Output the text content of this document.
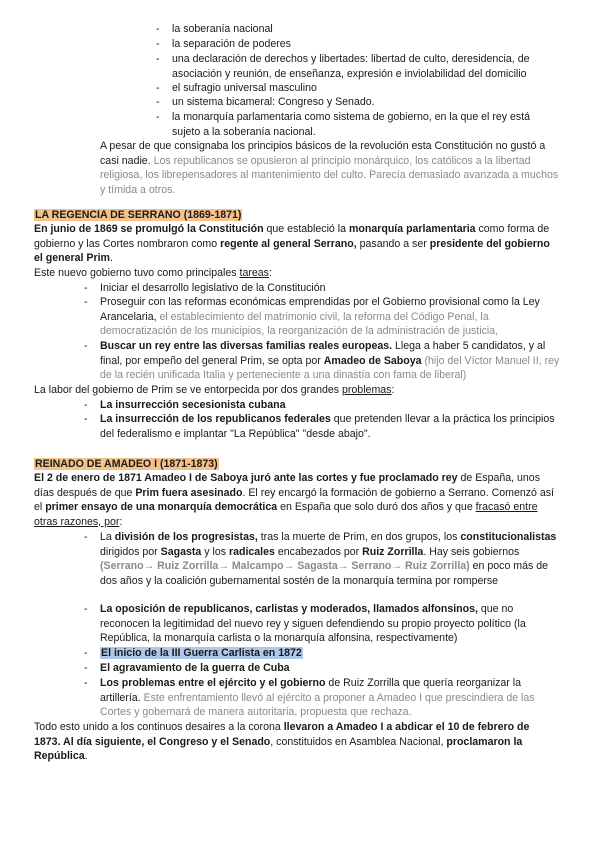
-	la soberanía nacional
-	la separación de poderes
-	una declaración de derechos y libertades: libertad de culto, deresidencia, de asociación y reunión, de enseñanza, expresión e inviolabilidad del domicilio
-	el sufragio universal masculino
-	un sistema bicameral: Congreso y Senado.
-	la monarquía parlamentaria como sistema de gobierno, en la que el rey está sujeto a la soberanía nacional.
A pesar de que consignaba los principios básicos de la revolución esta Constitución no gustó a casi nadie. Los republicanos se opusieron al principio monárquico, los católicos a la libertad religiosa, los librepensadores al mantenimiento del culto. Parecía demasiado avanzada a muchos y tímida a otros.
LA REGENCIA DE SERRANO (1869-1871)
En junio de 1869 se promulgó la Constitución que estableció la monarquía parlamentaria como forma de gobierno y las Cortes nombraron como regente al general Serrano, pasando a ser presidente del gobierno el general Prim.
Este nuevo gobierno tuvo como principales tareas:
-	Iniciar el desarrollo legislativo de la Constitución
-	Proseguir con las reformas económicas emprendidas por el Gobierno provisional como la Ley Arancelaria, el establecimiento del matrimonio civil, la reforma del Código Penal, la democratización de los municipios, la reorganización de la administración de justicia,
-	Buscar un rey entre las diversas familias reales europeas. Llega a haber 5 candidatos, y al final, por empeño del general Prim, se opta por Amadeo de Saboya (hijo del Víctor Manuel II, rey de la recién unificada Italia y perteneciente a una dinastía con fama de liberal)
La labor del gobierno de Prim se ve entorpecida por dos grandes problemas:
-	La insurrección secesionista cubana
-	La insurrección de los republicanos federales que pretenden llevar a la práctica los principios del federalismo e implantar "La República" "desde abajo".
REINADO DE AMADEO I (1871-1873)
El 2 de enero de 1871 Amadeo I de Saboya juró ante las cortes y fue proclamado rey de España, unos días después de que Prim fuera asesinado. El rey encargó la formación de gobierno a Serrano. Comenzó así el primer ensayo de una monarquía democrática en España que solo duró dos años y que fracasó entre otras razones, por:
-	La división de los progresistas, tras la muerte de Prim, en dos grupos, los constitucionalistas dirigidos por Sagasta y los radicales encabezados por Ruiz Zorrilla. Hay seis gobiernos (Serrano→ Ruiz Zorrilla→ Malcampo→ Sagasta→ Serrano→ Ruiz Zorrilla) en poco más de dos años y la coalición gubernamental sostén de la monarquía termina por romperse
-	La oposición de republicanos, carlistas y moderados, llamados alfonsinos, que no reconocen la legitimidad del nuevo rey y siguen defendiendo su propio proyecto político (la República, la monarquía carlista o la monarquía alfonsina, respectivamente)
-	El inicio de la III Guerra Carlista en 1872
-	El agravamiento de la guerra de Cuba
-	Los problemas entre el ejército y el gobierno de Ruiz Zorrilla que quería reorganizar la artillería. Este enfrentamiento llevó al ejército a proponer a Amadeo I que prescindiera de las Cortes y gobernará de manera autoritaria, propuesta que rechaza.
Todo esto unido a los continuos desaires a la corona llevaron a Amadeo I a abdicar el 10 de febrero de 1873. Al día siguiente, el Congreso y el Senado, constituidos en Asamblea Nacional, proclamaron la República.
